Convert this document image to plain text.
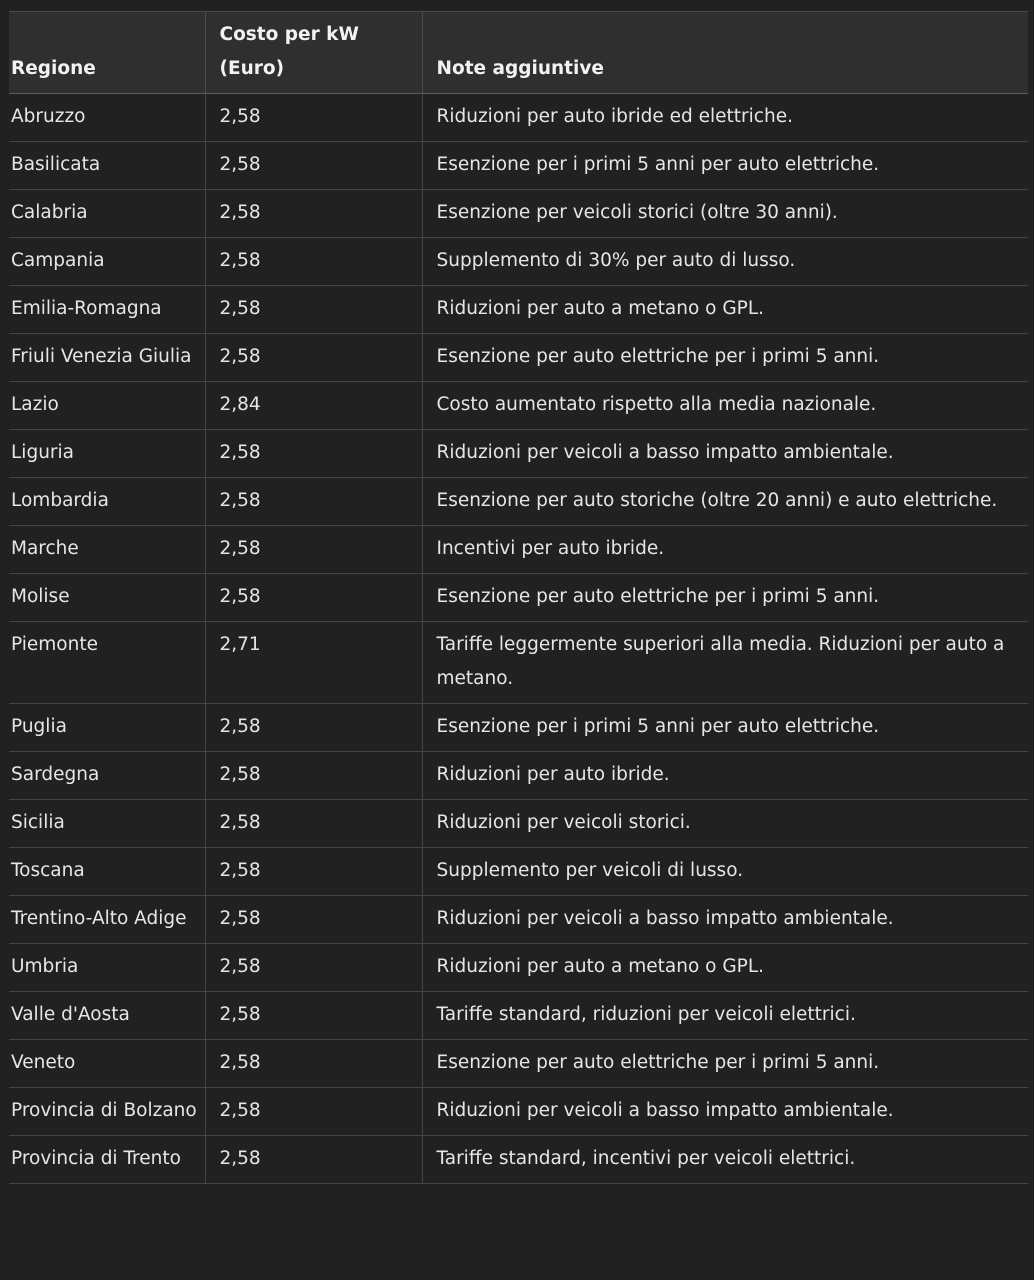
Regione	Costo per kW (Euro)	Note aggiuntive
Abruzzo	2,58	Riduzioni per auto ibride ed elettriche.
Basilicata	2,58	Esenzione per i primi 5 anni per auto elettriche.
Calabria	2,58	Esenzione per veicoli storici (oltre 30 anni).
Campania	2,58	Supplemento di 30% per auto di lusso.
Emilia-Romagna	2,58	Riduzioni per auto a metano o GPL.
Friuli Venezia Giulia	2,58	Esenzione per auto elettriche per i primi 5 anni.
Lazio	2,84	Costo aumentato rispetto alla media nazionale.
Liguria	2,58	Riduzioni per veicoli a basso impatto ambientale.
Lombardia	2,58	Esenzione per auto storiche (oltre 20 anni) e auto elettriche.
Marche	2,58	Incentivi per auto ibride.
Molise	2,58	Esenzione per auto elettriche per i primi 5 anni.
Piemonte	2,71	Tariffe leggermente superiori alla media. Riduzioni per auto a metano.
Puglia	2,58	Esenzione per i primi 5 anni per auto elettriche.
Sardegna	2,58	Riduzioni per auto ibride.
Sicilia	2,58	Riduzioni per veicoli storici.
Toscana	2,58	Supplemento per veicoli di lusso.
Trentino-Alto Adige	2,58	Riduzioni per veicoli a basso impatto ambientale.
Umbria	2,58	Riduzioni per auto a metano o GPL.
Valle d'Aosta	2,58	Tariffe standard, riduzioni per veicoli elettrici.
Veneto	2,58	Esenzione per auto elettriche per i primi 5 anni.
Provincia di Bolzano	2,58	Riduzioni per veicoli a basso impatto ambientale.
Provincia di Trento	2,58	Tariffe standard, incentivi per veicoli elettrici.
